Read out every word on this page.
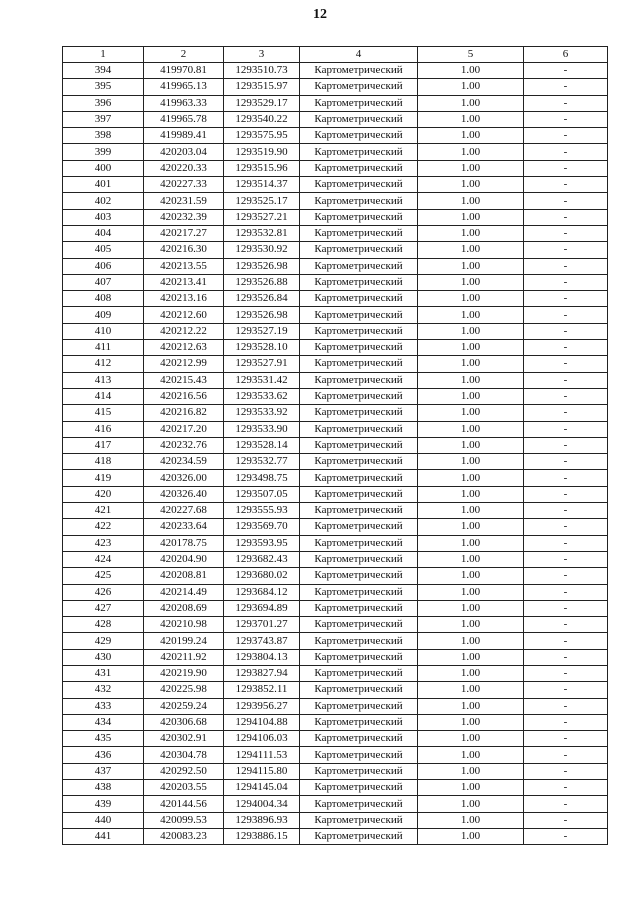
12
1	2	3	4	5	6
394	419970.81	1293510.73	Картометрический	1.00	-
395	419965.13	1293515.97	Картометрический	1.00	-
396	419963.33	1293529.17	Картометрический	1.00	-
397	419965.78	1293540.22	Картометрический	1.00	-
398	419989.41	1293575.95	Картометрический	1.00	-
399	420203.04	1293519.90	Картометрический	1.00	-
400	420220.33	1293515.96	Картометрический	1.00	-
401	420227.33	1293514.37	Картометрический	1.00	-
402	420231.59	1293525.17	Картометрический	1.00	-
403	420232.39	1293527.21	Картометрический	1.00	-
404	420217.27	1293532.81	Картометрический	1.00	-
405	420216.30	1293530.92	Картометрический	1.00	-
406	420213.55	1293526.98	Картометрический	1.00	-
407	420213.41	1293526.88	Картометрический	1.00	-
408	420213.16	1293526.84	Картометрический	1.00	-
409	420212.60	1293526.98	Картометрический	1.00	-
410	420212.22	1293527.19	Картометрический	1.00	-
411	420212.63	1293528.10	Картометрический	1.00	-
412	420212.99	1293527.91	Картометрический	1.00	-
413	420215.43	1293531.42	Картометрический	1.00	-
414	420216.56	1293533.62	Картометрический	1.00	-
415	420216.82	1293533.92	Картометрический	1.00	-
416	420217.20	1293533.90	Картометрический	1.00	-
417	420232.76	1293528.14	Картометрический	1.00	-
418	420234.59	1293532.77	Картометрический	1.00	-
419	420326.00	1293498.75	Картометрический	1.00	-
420	420326.40	1293507.05	Картометрический	1.00	-
421	420227.68	1293555.93	Картометрический	1.00	-
422	420233.64	1293569.70	Картометрический	1.00	-
423	420178.75	1293593.95	Картометрический	1.00	-
424	420204.90	1293682.43	Картометрический	1.00	-
425	420208.81	1293680.02	Картометрический	1.00	-
426	420214.49	1293684.12	Картометрический	1.00	-
427	420208.69	1293694.89	Картометрический	1.00	-
428	420210.98	1293701.27	Картометрический	1.00	-
429	420199.24	1293743.87	Картометрический	1.00	-
430	420211.92	1293804.13	Картометрический	1.00	-
431	420219.90	1293827.94	Картометрический	1.00	-
432	420225.98	1293852.11	Картометрический	1.00	-
433	420259.24	1293956.27	Картометрический	1.00	-
434	420306.68	1294104.88	Картометрический	1.00	-
435	420302.91	1294106.03	Картометрический	1.00	-
436	420304.78	1294111.53	Картометрический	1.00	-
437	420292.50	1294115.80	Картометрический	1.00	-
438	420203.55	1294145.04	Картометрический	1.00	-
439	420144.56	1294004.34	Картометрический	1.00	-
440	420099.53	1293896.93	Картометрический	1.00	-
441	420083.23	1293886.15	Картометрический	1.00	-
